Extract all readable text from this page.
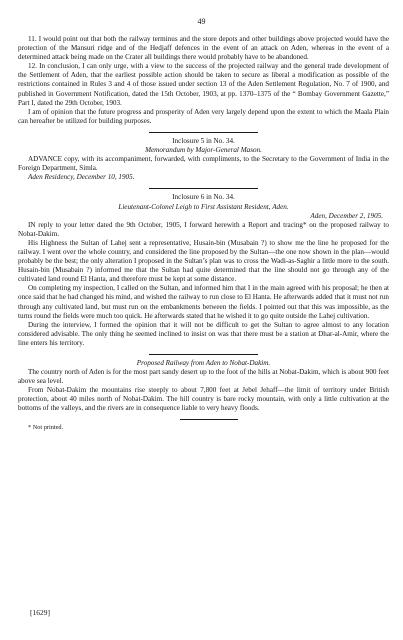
49

11. I would point out that both the railway terminus and the store depots and other buildings above projected would have the protection of the Mansuri ridge and of the Hedjaff defences in the event of an attack on Aden, whereas in the event of a determined attack being made on the Crater all buildings there would probably have to be abandoned.

12. In conclusion, I can only urge, with a view to the success of the projected railway and the general trade development of the Settlement of Aden, that the earliest possible action should be taken to secure as liberal a modification as possible of the restrictions contained in Rules 3 and 4 of those issued under section 13 of the Aden Settlement Regulation, No. 7 of 1900, and published in Government Notification, dated the 15th October, 1903, at pp. 1370–1375 of the “ Bombay Government Gazette,” Part I, dated the 29th October, 1903.

I am of opinion that the future progress and prosperity of Aden very largely depend upon the extent to which the Maala Plain can hereafter be utilized for building purposes.

Inclosure 5 in No. 34.

Memorandum by Major-General Mason.

ADVANCE copy, with its accompaniment, forwarded, with compliments, to the Secretary to the Government of India in the Foreign Department, Simla.

Aden Residency, December 10, 1905.

Inclosure 6 in No. 34.

Lieutenant-Colonel Leigh to First Assistant Resident, Aden.

Aden, December 2, 1905.

IN reply to your letter dated the 9th October, 1905, I forward herewith a Report and tracing* on the proposed railway to Nobat-Dakim.

His Highness the Sultan of Lahej sent a representative, Husain-bin (Musabain ?) to show me the line he proposed for the railway. I went over the whole country, and considered the line proposed by the Sultan—the one now shown in the plan—would probably be the best; the only alteration I proposed in the Sultan’s plan was to cross the Wadi-as-Saghir a little more to the south. Husain-bin (Musabain ?) informed me that the Sultan had quite determined that the line should not go through any of the cultivated land round El Hanta, and therefore must be kept at some distance.

On completing my inspection, I called on the Sultan, and informed him that I in the main agreed with his proposal; he then at once said that he had changed his mind, and wished the railway to run close to El Hanta. He afterwards added that it must not run through any cultivated land, but must run on the embankments between the fields. I pointed out that this was impossible, as the turns round the fields were much too quick. He afterwards stated that he wished it to go quite outside the Lahej cultivation.

During the interview, I formed the opinion that it will not be difficult to get the Sultan to agree almost to any location considered advisable. The only thing he seemed inclined to insist on was that there must be a station at Dhar-al-Amir, where the line enters his territory.

Proposed Railway from Aden to Nobat-Dakim.

The country north of Aden is for the most part sandy desert up to the foot of the hills at Nobat-Dakim, which is about 900 feet above sea level.

From Nobat-Dakim the mountains rise steeply to about 7,800 feet at Jebel Jehaff—the limit of territory under British protection, about 40 miles north of Nobat-Dakim. The hill country is bare rocky mountain, with only a little cultivation at the bottoms of the valleys, and the rivers are in consequence liable to very heavy floods.

* Not printed.

[1629]
